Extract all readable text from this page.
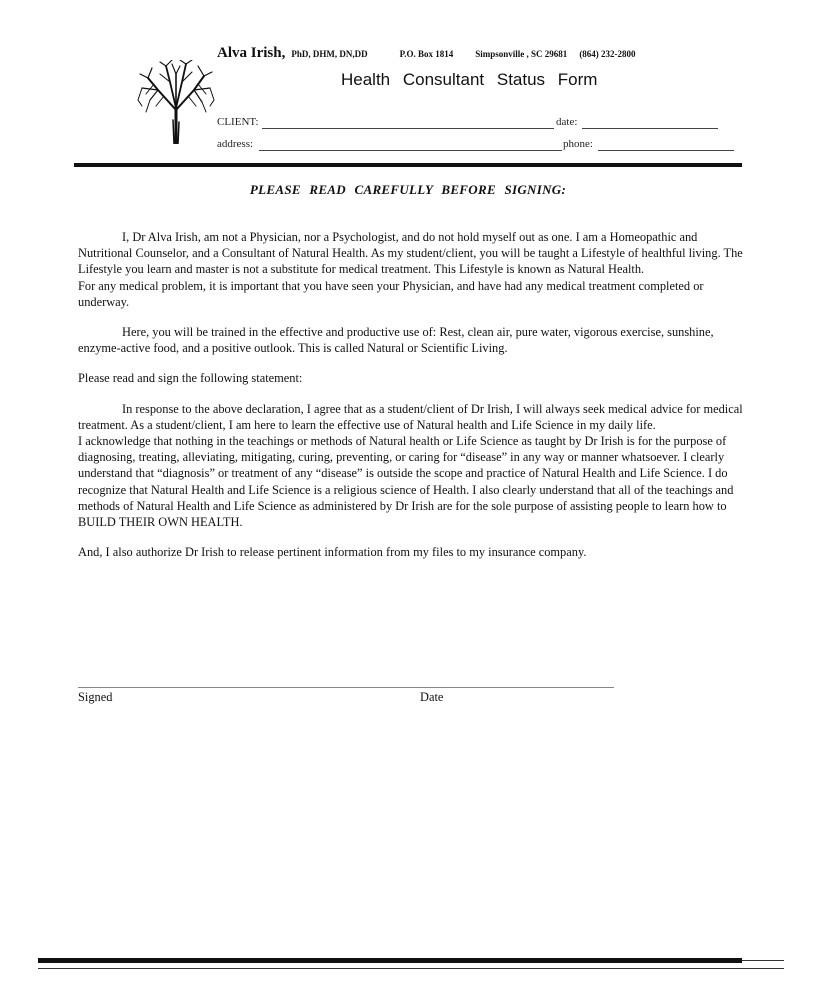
Alva Irish, PhD, DHM, DN,DD	P.O. Box 1814 Simpsonville , SC 29681 (864) 232-2800
Health Consultant Status Form
CLIENT:	date:
address:	phone:
PLEASE READ CAREFULLY BEFORE SIGNING:

I, Dr Alva Irish, am not a Physician, nor a Psychologist, and do not hold myself out as one. I am a Homeopathic and Nutritional Counselor, and a Consultant of Natural Health. As my student/client, you will be taught a Lifestyle of healthful living. The Lifestyle you learn and master is not a substitute for medical treatment. This Lifestyle is known as Natural Health.

For any medical problem, it is important that you have seen your Physician, and have had any medical treatment completed or underway.

Here, you will be trained in the effective and productive use of: Rest, clean air, pure water, vigorous exercise, sunshine, enzyme-active food, and a positive outlook. This is called Natural or Scientific Living.

Please read and sign the following statement:

In response to the above declaration, I agree that as a student/client of Dr Irish, I will always seek medical advice for medical treatment. As a student/client, I am here to learn the effective use of Natural health and Life Science in my daily life.

I acknowledge that nothing in the teachings or methods of Natural health or Life Science as taught by Dr Irish is for the purpose of diagnosing, treating, alleviating, mitigating, curing, preventing, or caring for “disease” in any way or manner whatsoever. I clearly understand that “diagnosis” or treatment of any “disease” is outside the scope and practice of Natural Health and Life Science. I do recognize that Natural Health and Life Science is a religious science of Health. I also clearly understand that all of the teachings and methods of Natural Health and Life Science as administered by Dr Irish are for the sole purpose of assisting people to learn how to BUILD THEIR OWN HEALTH.

And, I also authorize Dr Irish to release pertinent information from my files to my insurance company.

Signed	Date
